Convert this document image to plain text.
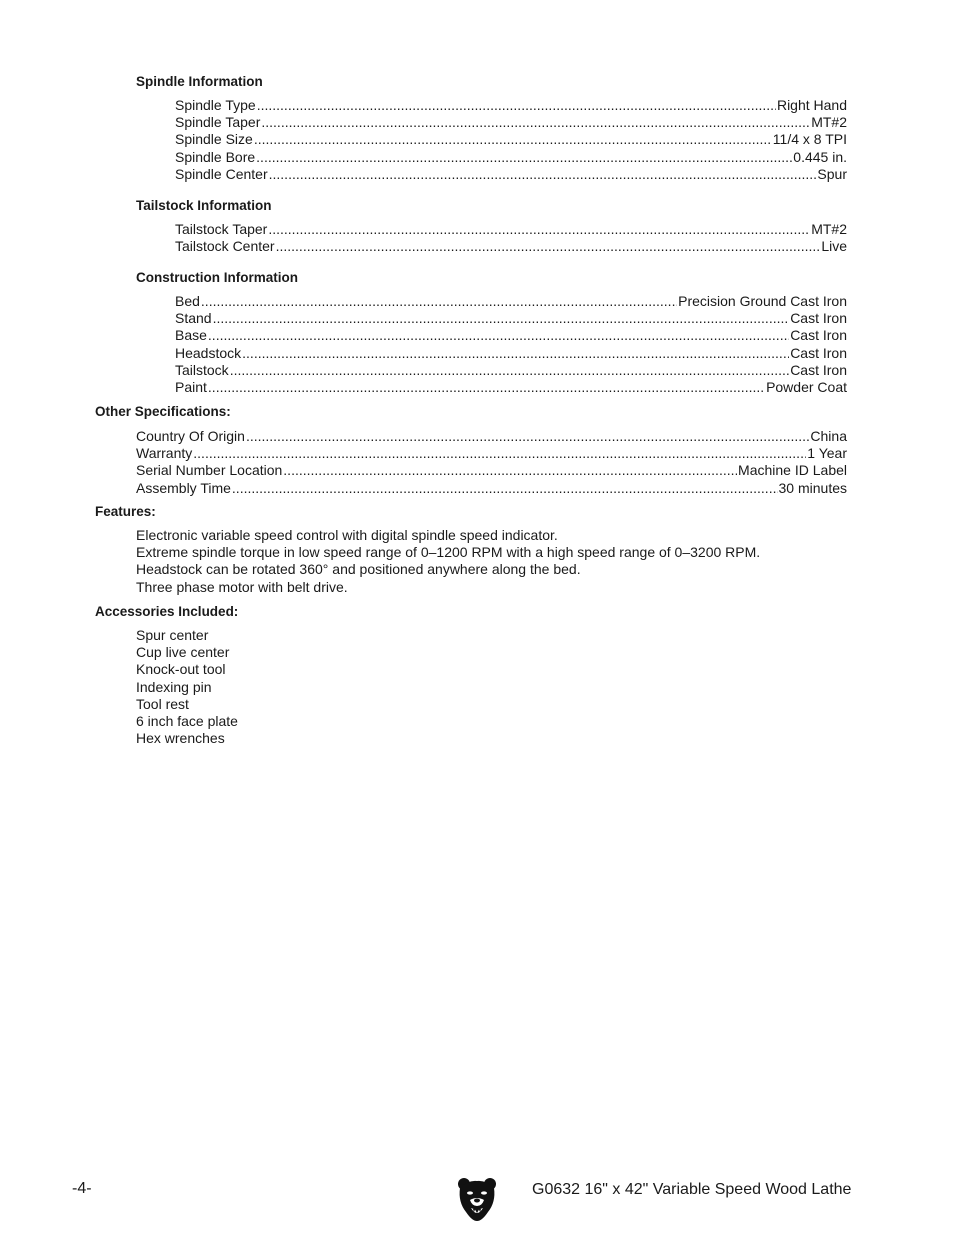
Spindle Information
Spindle Type .....	Right Hand
Spindle Taper .....	MT#2
Spindle Size .....	11/4 x 8 TPI
Spindle Bore .....	0.445 in.
Spindle Center .....	Spur
Tailstock Information
Tailstock Taper .....	MT#2
Tailstock Center .....	Live
Construction Information
Bed .....	Precision Ground Cast Iron
Stand .....	Cast Iron
Base .....	Cast Iron
Headstock .....	Cast Iron
Tailstock .....	Cast Iron
Paint .....	Powder Coat
Other Specifications:
Country Of Origin .....	China
Warranty .....	1 Year
Serial Number Location .....	Machine ID Label
Assembly Time .....	30 minutes
Features:
Electronic variable speed control with digital spindle speed indicator.
Extreme spindle torque in low speed range of 0–1200 RPM with a high speed range of 0–3200 RPM.
Headstock can be rotated 360° and positioned anywhere along the bed.
Three phase motor with belt drive.
Accessories Included:
Spur center
Cup live center
Knock-out tool
Indexing pin
Tool rest
6 inch face plate
Hex wrenches
-4-	G0632 16" x 42" Variable Speed Wood Lathe
